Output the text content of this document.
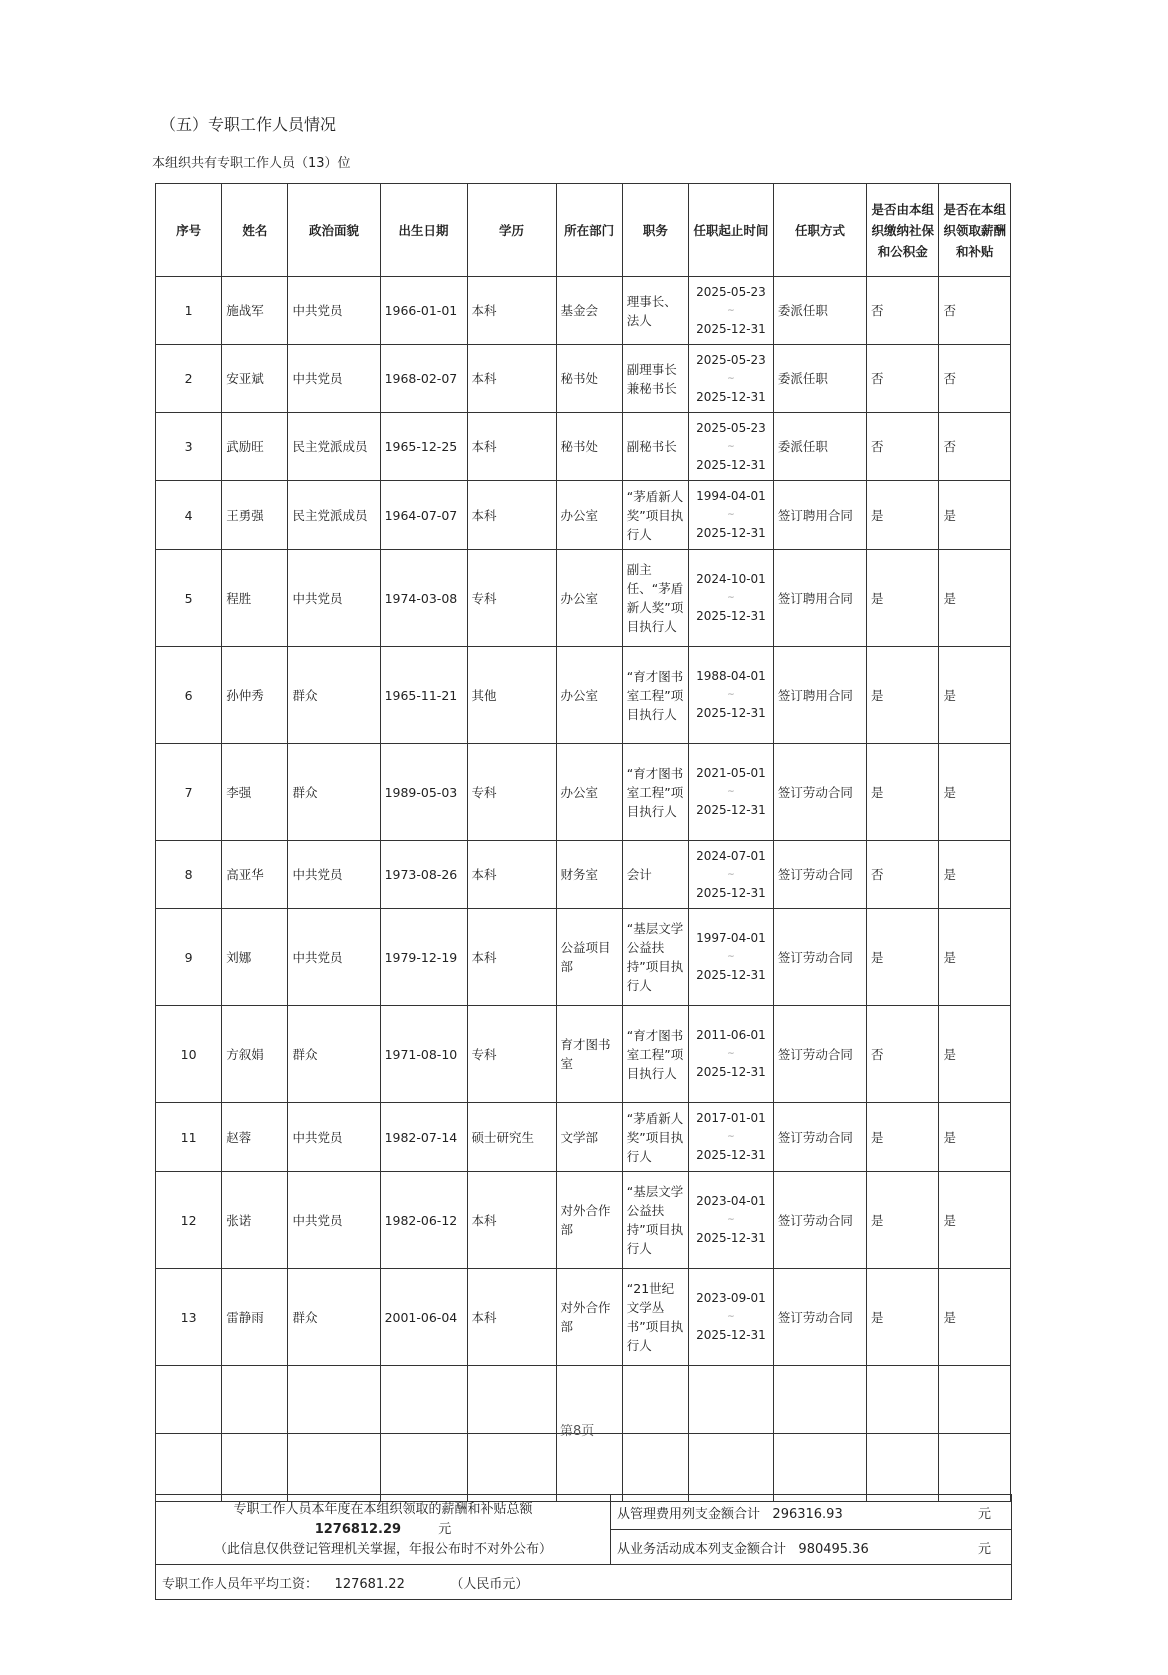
（五）专职工作人员情况
本组织共有专职工作人员（13）位
序号	姓名	政治面貌	出生日期	学历	所在部门	职务	任职起止时间	任职方式	是否由本组织缴纳社保和公积金	是否在本组织领取薪酬和补贴
1	施战军	中共党员	1966-01-01	本科	基金会	理事长、法人	2025-05-23
~
2025-12-31	委派任职	否	否
2	安亚斌	中共党员	1968-02-07	本科	秘书处	副理事长兼秘书长	2025-05-23
~
2025-12-31	委派任职	否	否
3	武励旺	民主党派成员	1965-12-25	本科	秘书处	副秘书长	2025-05-23
~
2025-12-31	委派任职	否	否
4	王勇强	民主党派成员	1964-07-07	本科	办公室	“茅盾新人奖”项目执行人	1994-04-01
~
2025-12-31	签订聘用合同	是	是
5	程胜	中共党员	1974-03-08	专科	办公室	副主任、“茅盾新人奖”项目执行人	2024-10-01
~
2025-12-31	签订聘用合同	是	是
6	孙仲秀	群众	1965-11-21	其他	办公室	“育才图书室工程”项目执行人	1988-04-01
~
2025-12-31	签订聘用合同	是	是
7	李强	群众	1989-05-03	专科	办公室	“育才图书室工程”项目执行人	2021-05-01
~
2025-12-31	签订劳动合同	是	是
8	高亚华	中共党员	1973-08-26	本科	财务室	会计	2024-07-01
~
2025-12-31	签订劳动合同	否	是
9	刘娜	中共党员	1979-12-19	本科	公益项目部	“基层文学公益扶持”项目执行人	1997-04-01
~
2025-12-31	签订劳动合同	是	是
10	方叙娟	群众	1971-08-10	专科	育才图书室	“育才图书室工程”项目执行人	2011-06-01
~
2025-12-31	签订劳动合同	否	是
11	赵蓉	中共党员	1982-07-14	硕士研究生	文学部	“茅盾新人奖”项目执行人	2017-01-01
~
2025-12-31	签订劳动合同	是	是
12	张诺	中共党员	1982-06-12	本科	对外合作部	“基层文学公益扶持”项目执行人	2023-04-01
~
2025-12-31	签订劳动合同	是	是
13	雷静雨	群众	2001-06-04	本科	对外合作部	“21世纪文学丛书”项目执行人	2023-09-01
~
2025-12-31	签订劳动合同	是	是

第8页
专职工作人员本年度在本组织领取的薪酬和补贴总额
1276812.29	元
（此信息仅供登记管理机关掌握，年报公布时不对外公布）
	从管理费用列支金额合计 296316.93	元

从业务活动成本列支金额合计 980495.36	元

专职工作人员年平均工资： 127681.22	（人民币元）
